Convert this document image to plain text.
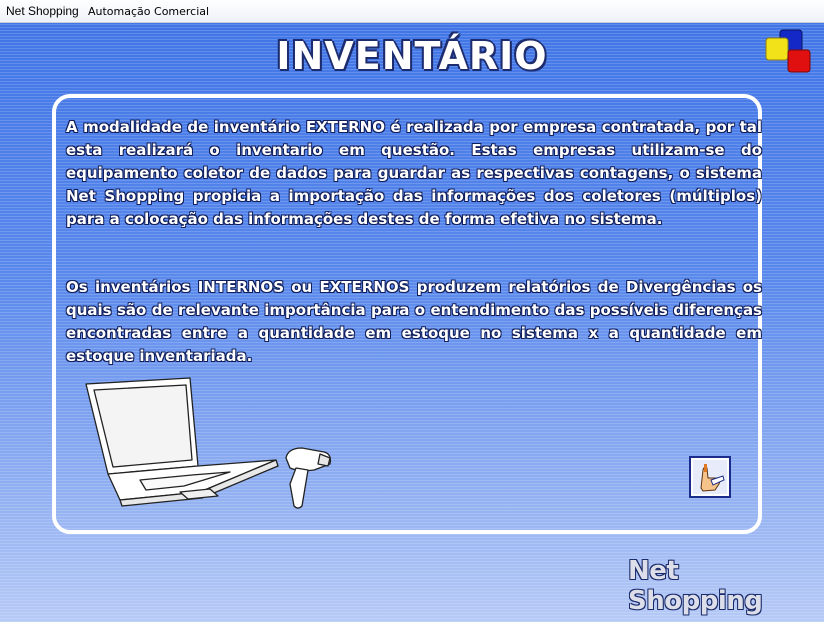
Net Shopping Automação Comercial
INVENTÁRIO

A modalidade de inventário EXTERNO é realizada por empresa contratada, por tal esta realizará o inventario em questão. Estas empresas utilizam-se do equipamento coletor de dados para guardar as respectivas contagens, o sistema Net Shopping propicia a importação das informações dos coletores (múltiplos) para a colocação das informações destes de forma efetiva no sistema.

Os inventários INTERNOS ou EXTERNOS produzem relatórios de Divergências os quais são de relevante importância para o entendimento das possíveis diferenças encontradas entre a quantidade em estoque no sistema x a quantidade em estoque inventariada.

Net Shopping
